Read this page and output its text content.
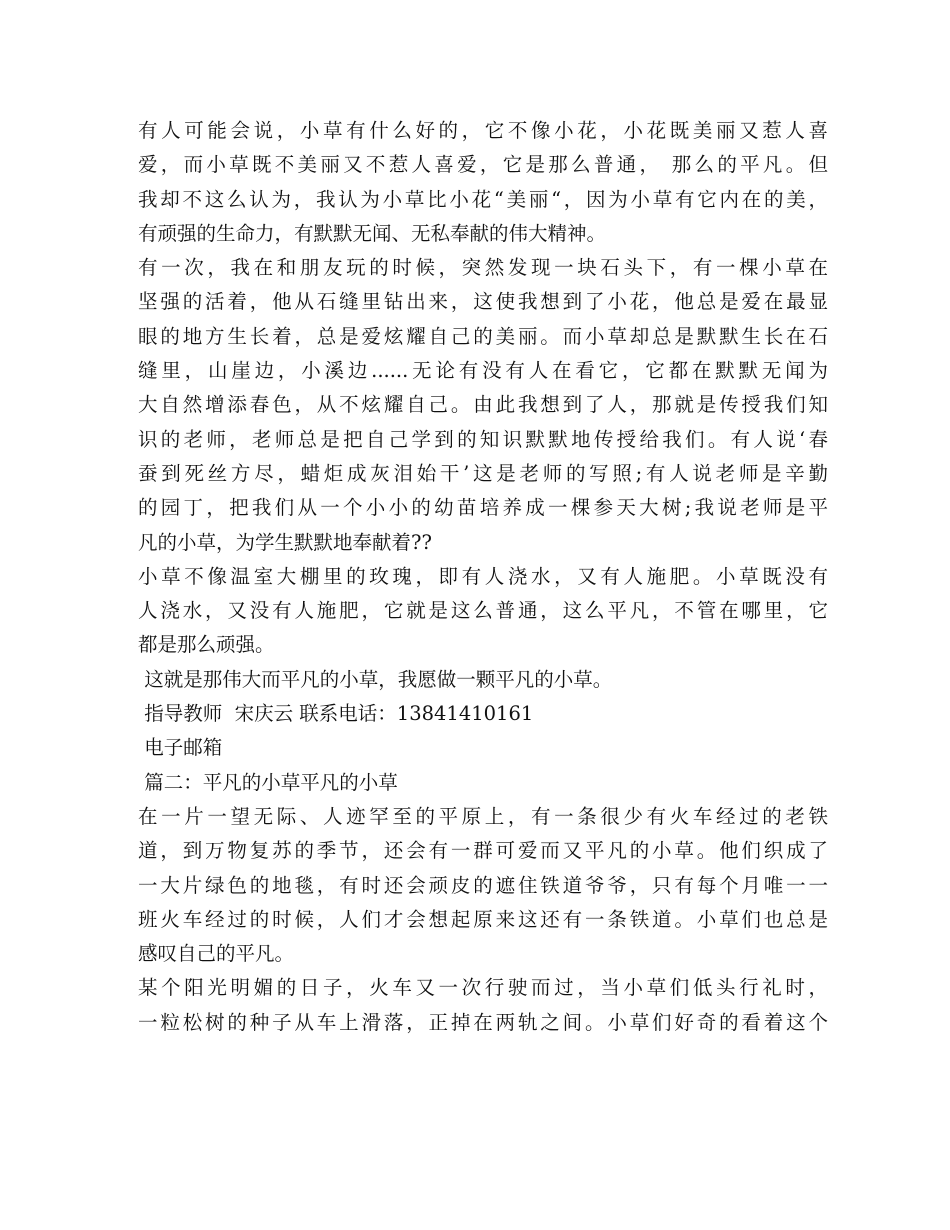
有人可能会说，小草有什么好的，它不像小花，小花既美丽又惹人喜
爱，而小草既不美丽又不惹人喜爱，它是那么普通， 那么的平凡。但
我却不这么认为，我认为小草比小花“美丽“，因为小草有它内在的美，
有顽强的生命力，有默默无闻、无私奉献的伟大精神。
有一次，我在和朋友玩的时候，突然发现一块石头下，有一棵小草在
坚强的活着，他从石缝里钻出来，这使我想到了小花，他总是爱在最显
眼的地方生长着，总是爱炫耀自己的美丽。而小草却总是默默生长在石
缝里，山崖边，小溪边......无论有没有人在看它，它都在默默无闻为
大自然增添春色，从不炫耀自己。由此我想到了人，那就是传授我们知
识的老师，老师总是把自己学到的知识默默地传授给我们。有人说‘春
蚕到死丝方尽，蜡炬成灰泪始干’这是老师的写照;有人说老师是辛勤
的园丁，把我们从一个小小的幼苗培养成一棵参天大树;我说老师是平
凡的小草，为学生默默地奉献着??
小草不像温室大棚里的玫瑰，即有人浇水，又有人施肥。小草既没有
人浇水，又没有人施肥，它就是这么普通，这么平凡，不管在哪里，它
都是那么顽强。
这就是那伟大而平凡的小草，我愿做一颗平凡的小草。
指导教师  宋庆云 联系电话：13841410161
电子邮箱
篇二：平凡的小草平凡的小草
在一片一望无际、人迹罕至的平原上，有一条很少有火车经过的老铁
道，到万物复苏的季节，还会有一群可爱而又平凡的小草。他们织成了
一大片绿色的地毯，有时还会顽皮的遮住铁道爷爷，只有每个月唯一一
班火车经过的时候，人们才会想起原来这还有一条铁道。小草们也总是
感叹自己的平凡。
某个阳光明媚的日子，火车又一次行驶而过，当小草们低头行礼时，
一粒松树的种子从车上滑落，正掉在两轨之间。小草们好奇的看着这个
